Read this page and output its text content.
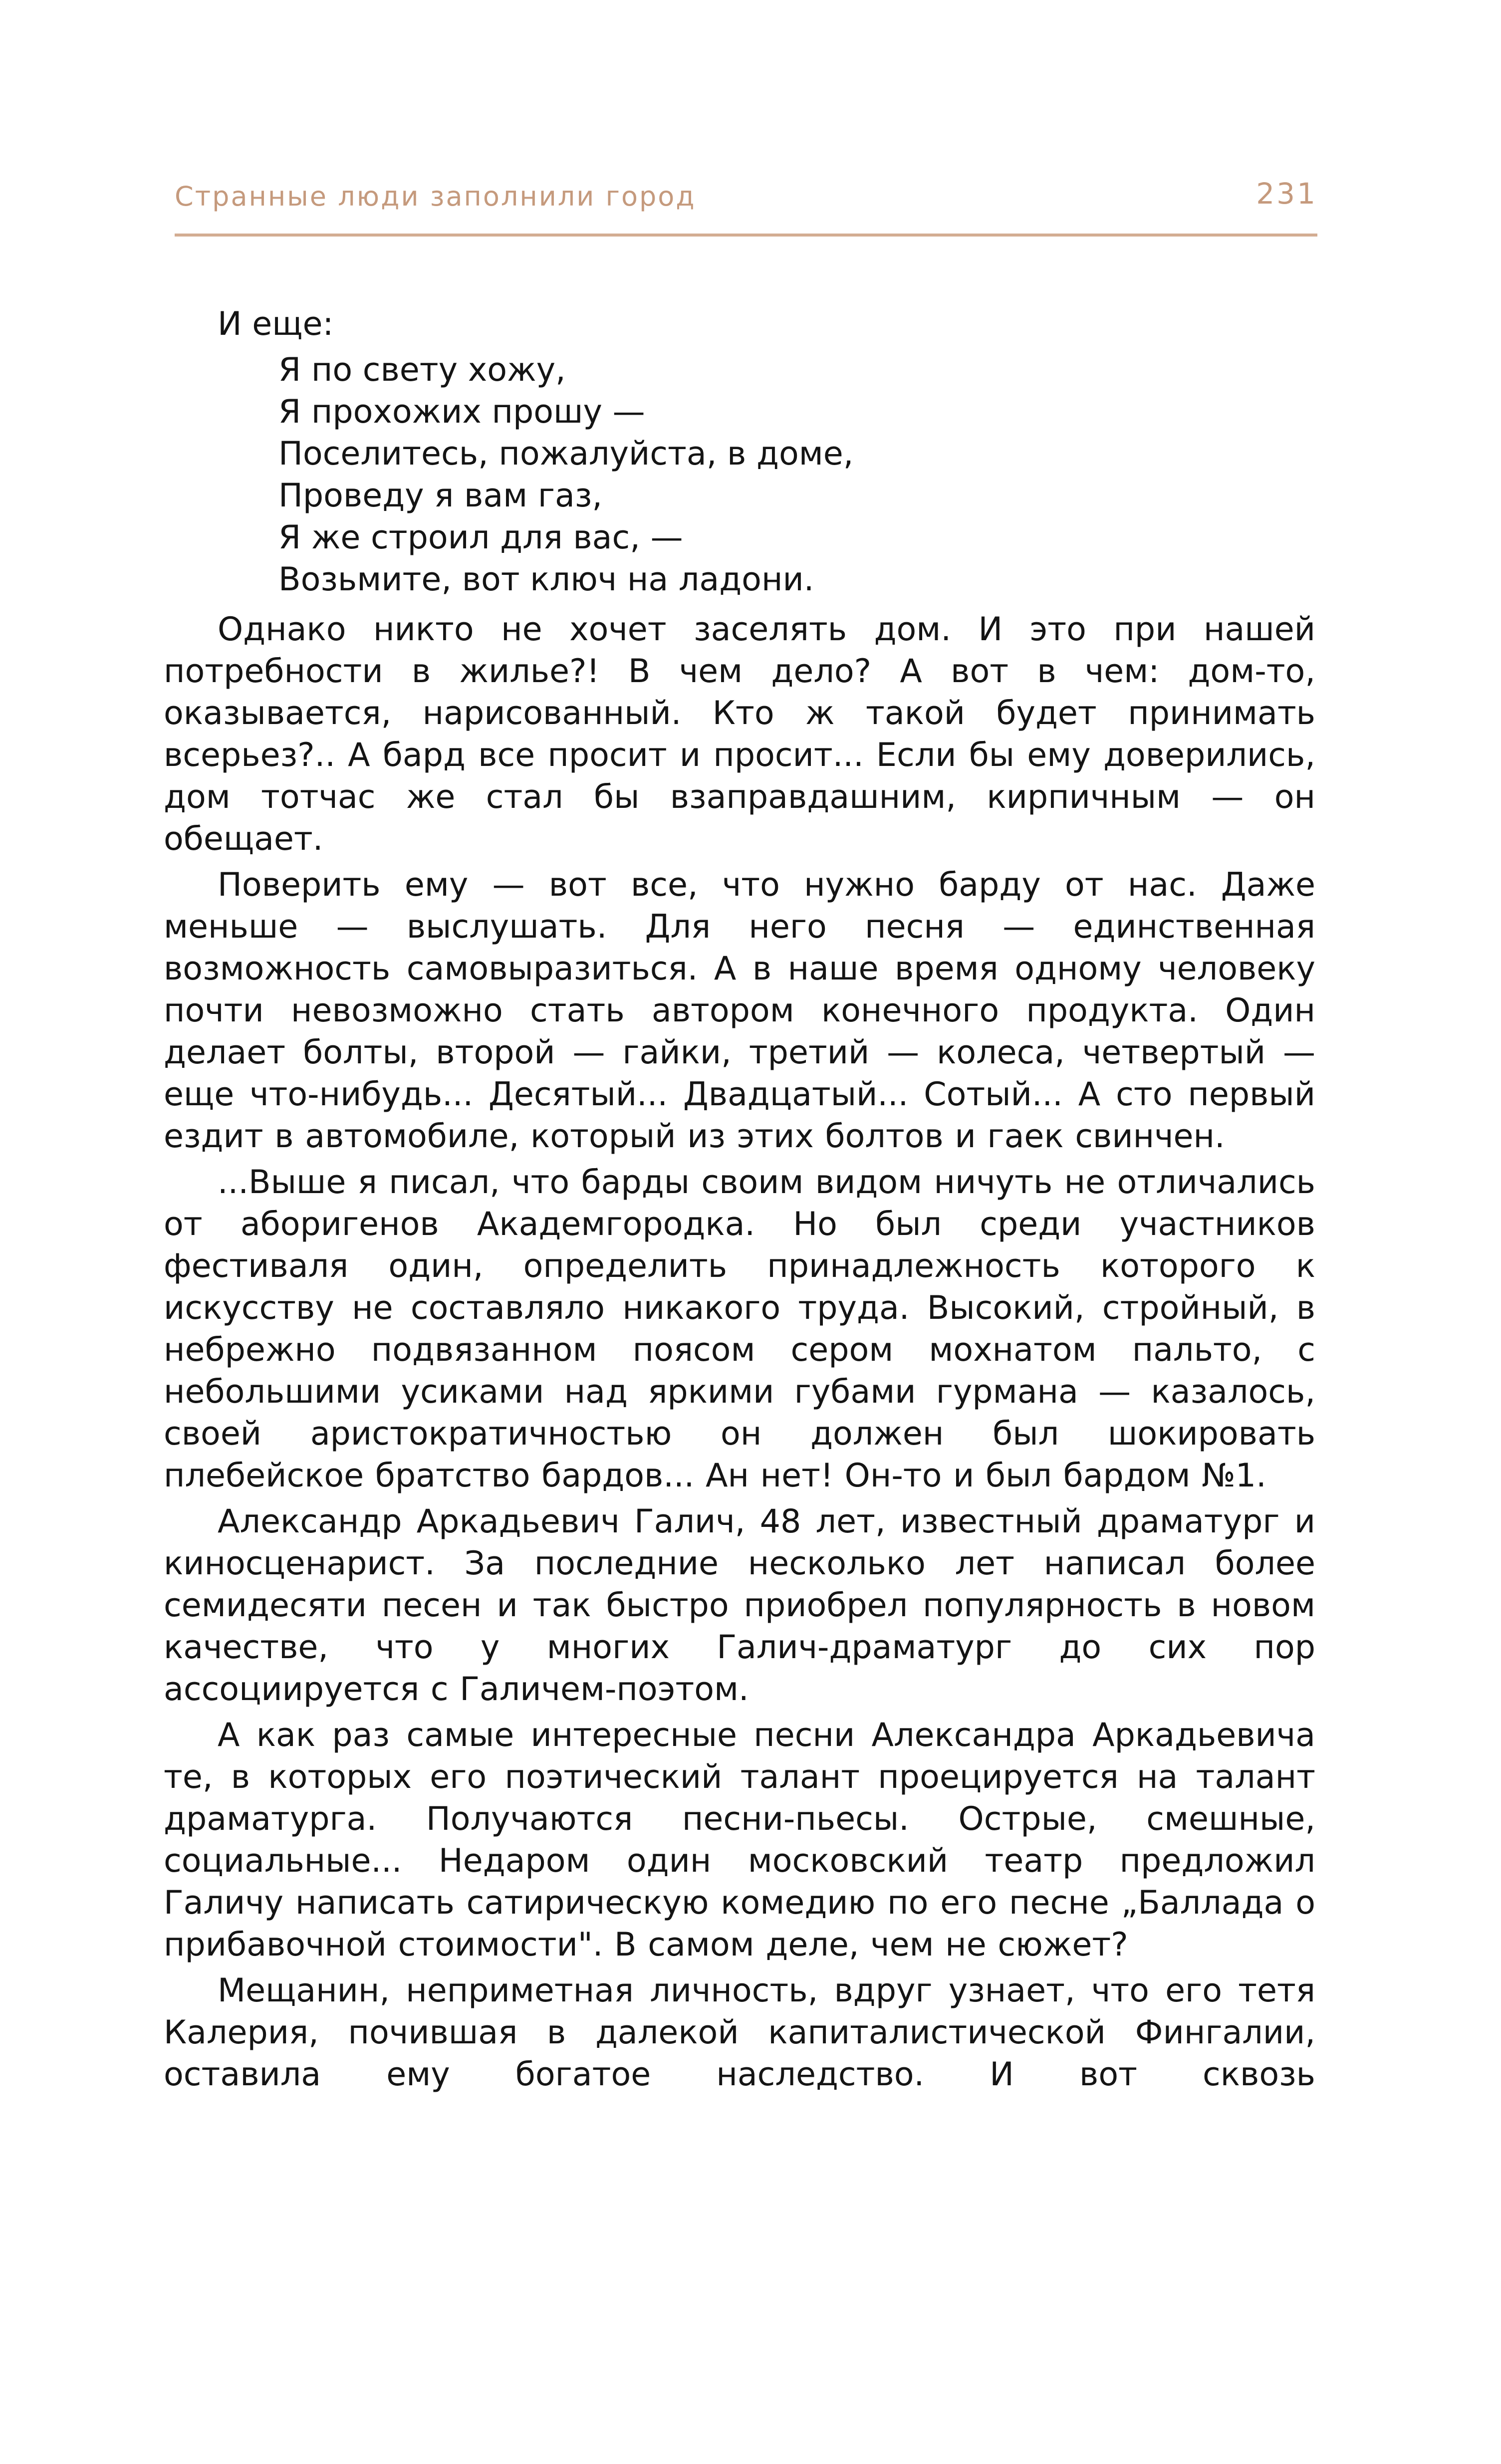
Странные люди заполнили город	231
И еще:
Я по свету хожу,
Я прохожих прошу —
Поселитесь, пожалуйста, в доме,
Проведу я вам газ,
Я же строил для вас, —
Возьмите, вот ключ на ладони.

Однако никто не хочет заселять дом. И это при нашей потребности в жилье?! В чем дело? А вот в чем: дом-то, оказывается, нарисованный. Кто ж такой будет принимать всерьез?.. А бард все просит и просит... Если бы ему доверились, дом тотчас же стал бы взаправдашним, кирпичным — он обещает.

Поверить ему — вот все, что нужно барду от нас. Даже меньше — выслушать. Для него песня — единственная возможность самовыразиться. А в наше время одному человеку почти невозможно стать автором конечного продукта. Один делает болты, второй — гайки, третий — колеса, четвертый — еще что-нибудь... Десятый... Двадцатый... Сотый... А сто первый ездит в автомобиле, который из этих болтов и гаек свинчен.

...Выше я писал, что барды своим видом ничуть не отличались от аборигенов Академгородка. Но был среди участников фестиваля один, определить принадлежность которого к искусству не составляло никакого труда. Высокий, стройный, в небрежно подвязанном поясом сером мохнатом пальто, с небольшими усиками над яркими губами гурмана — казалось, своей аристократичностью он должен был шокировать плебейское братство бардов... Ан нет! Он-то и был бардом №1.

Александр Аркадьевич Галич, 48 лет, известный драматург и киносценарист. За последние несколько лет написал более семидесяти песен и так быстро приобрел популярность в новом качестве, что у многих Галич-драматург до сих пор ассоциируется с Галичем-поэтом.

А как раз самые интересные песни Александра Аркадьевича те, в которых его поэтический талант проецируется на талант драматурга. Получаются песни-пьесы. Острые, смешные, социальные... Недаром один московский театр предложил Галичу написать сатирическую комедию по его песне „Баллада о прибавочной стоимости". В самом деле, чем не сюжет?

Мещанин, неприметная личность, вдруг узнает, что его тетя Калерия, почившая в далекой капиталистической Фингалии, оставила ему богатое наследство. И вот сквозь
